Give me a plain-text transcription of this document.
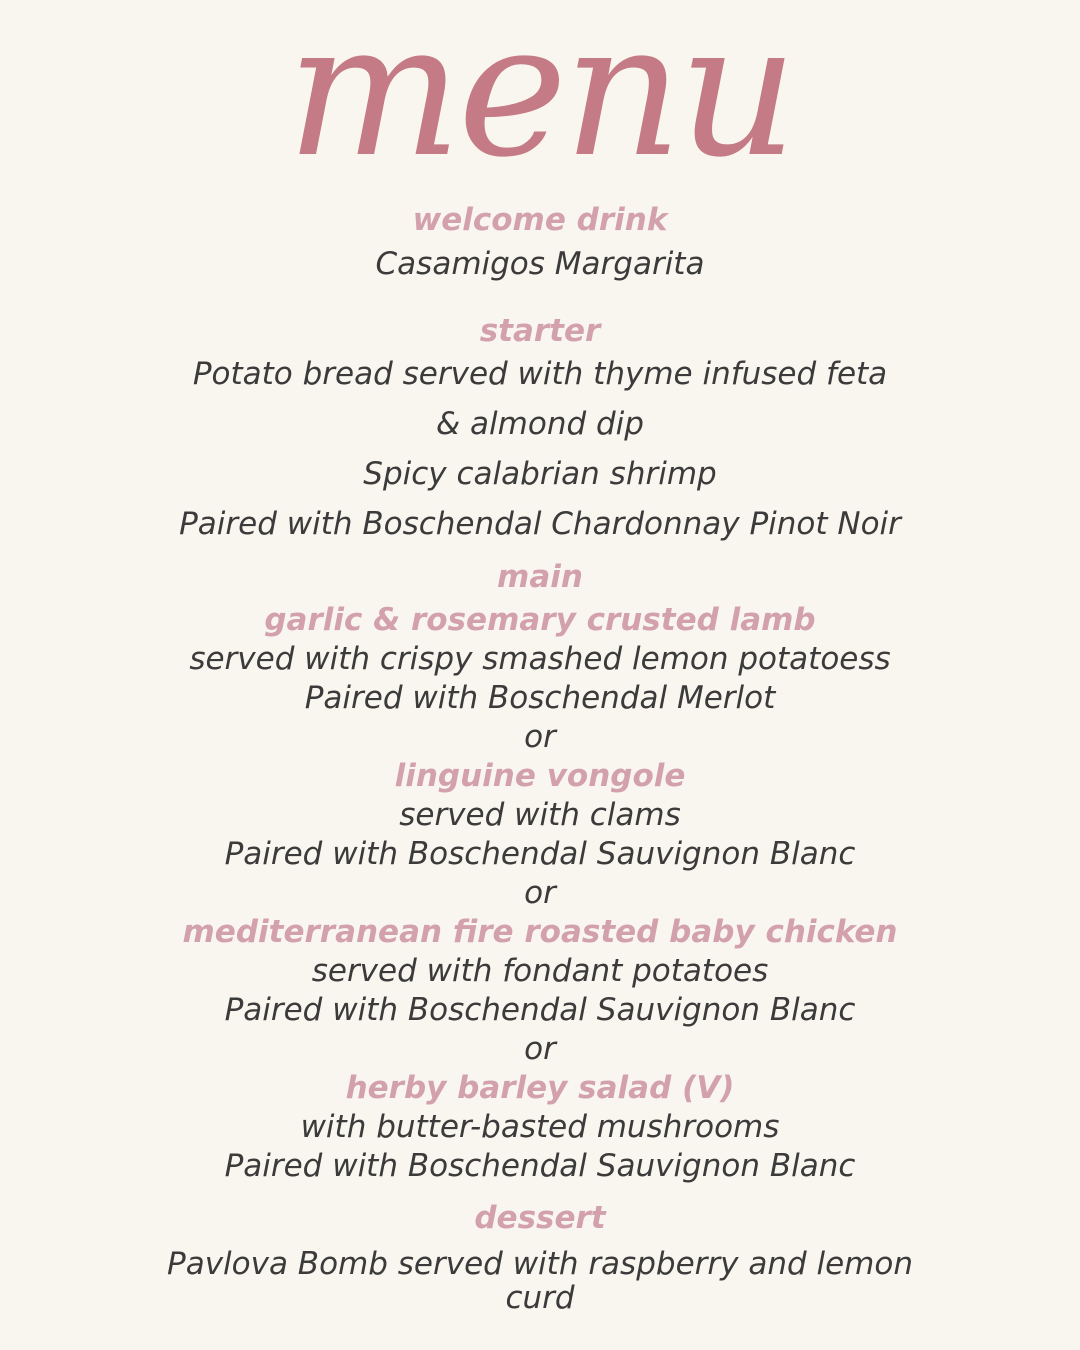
menu
welcome drink
Casamigos Margarita
starter
Potato bread served with thyme infused feta
& almond dip
Spicy calabrian shrimp
Paired with Boschendal Chardonnay Pinot Noir
main
garlic & rosemary crusted lamb
served with crispy smashed lemon potatoess
Paired with Boschendal Merlot
or
linguine vongole
served with clams
Paired with Boschendal Sauvignon Blanc
or
mediterranean fire roasted baby chicken
served with fondant potatoes
Paired with Boschendal Sauvignon Blanc
or
herby barley salad (V)
with butter-basted mushrooms
Paired with Boschendal Sauvignon Blanc
dessert
Pavlova Bomb served with raspberry and lemon
curd
